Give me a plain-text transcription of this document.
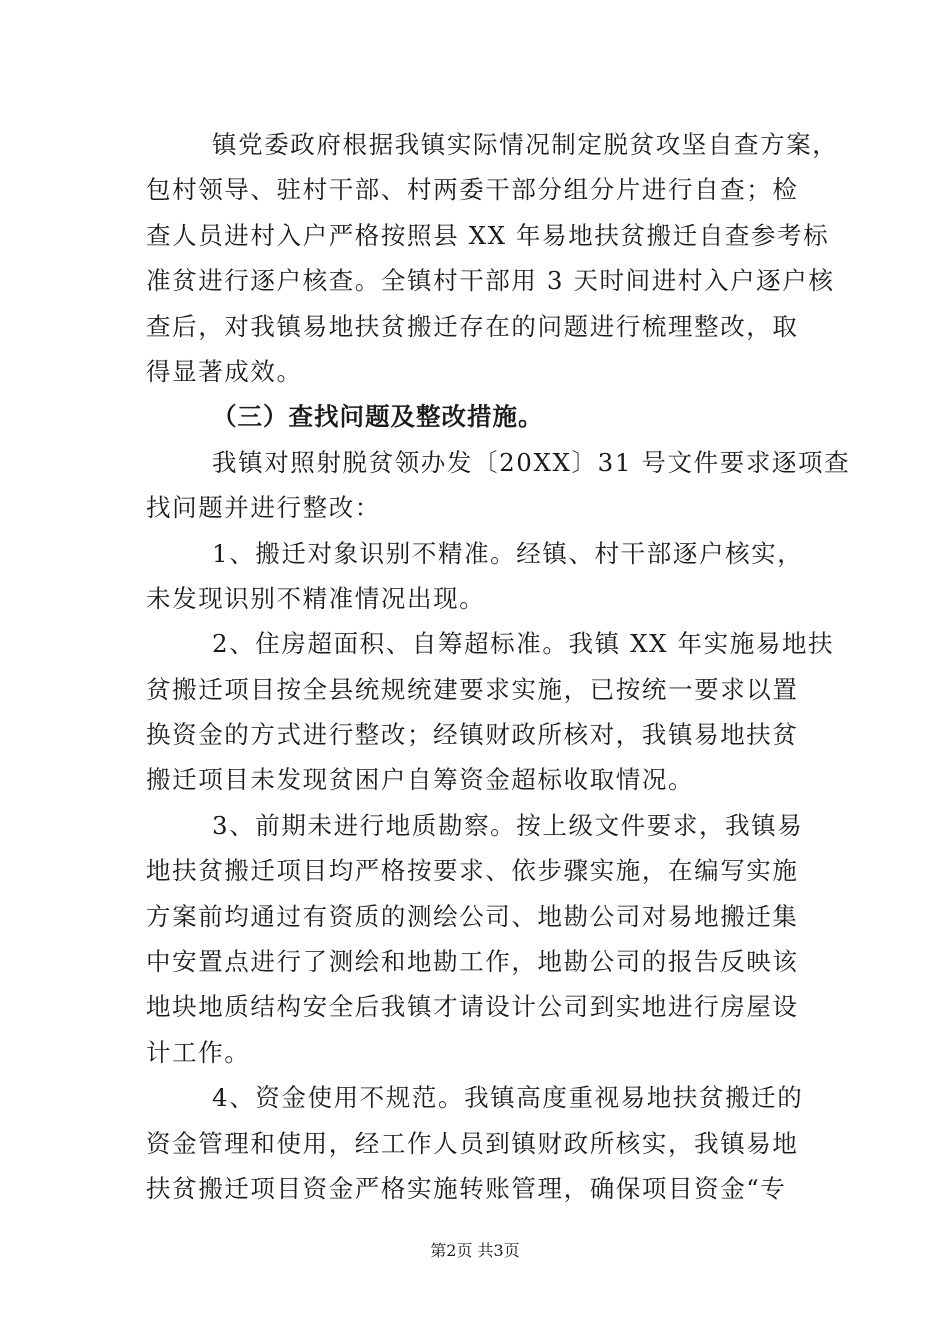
镇党委政府根据我镇实际情况制定脱贫攻坚自查方案，
包村领导、驻村干部、村两委干部分组分片进行自查；检
查人员进村入户严格按照县 XX 年易地扶贫搬迁自查参考标
准贫进行逐户核查。全镇村干部用 3 天时间进村入户逐户核
查后，对我镇易地扶贫搬迁存在的问题进行梳理整改，取
得显著成效。
（三）查找问题及整改措施。
我镇对照射脱贫领办发〔20XX〕31 号文件要求逐项查
找问题并进行整改：
1、搬迁对象识别不精准。经镇、村干部逐户核实，
未发现识别不精准情况出现。
2、住房超面积、自筹超标准。我镇 XX 年实施易地扶
贫搬迁项目按全县统规统建要求实施，已按统一要求以置
换资金的方式进行整改；经镇财政所核对，我镇易地扶贫
搬迁项目未发现贫困户自筹资金超标收取情况。
3、前期未进行地质勘察。按上级文件要求，我镇易
地扶贫搬迁项目均严格按要求、依步骤实施，在编写实施
方案前均通过有资质的测绘公司、地勘公司对易地搬迁集
中安置点进行了测绘和地勘工作，地勘公司的报告反映该
地块地质结构安全后我镇才请设计公司到实地进行房屋设
计工作。
4、资金使用不规范。我镇高度重视易地扶贫搬迁的
资金管理和使用，经工作人员到镇财政所核实，我镇易地
扶贫搬迁项目资金严格实施转账管理，确保项目资金“专
第2页 共3页
